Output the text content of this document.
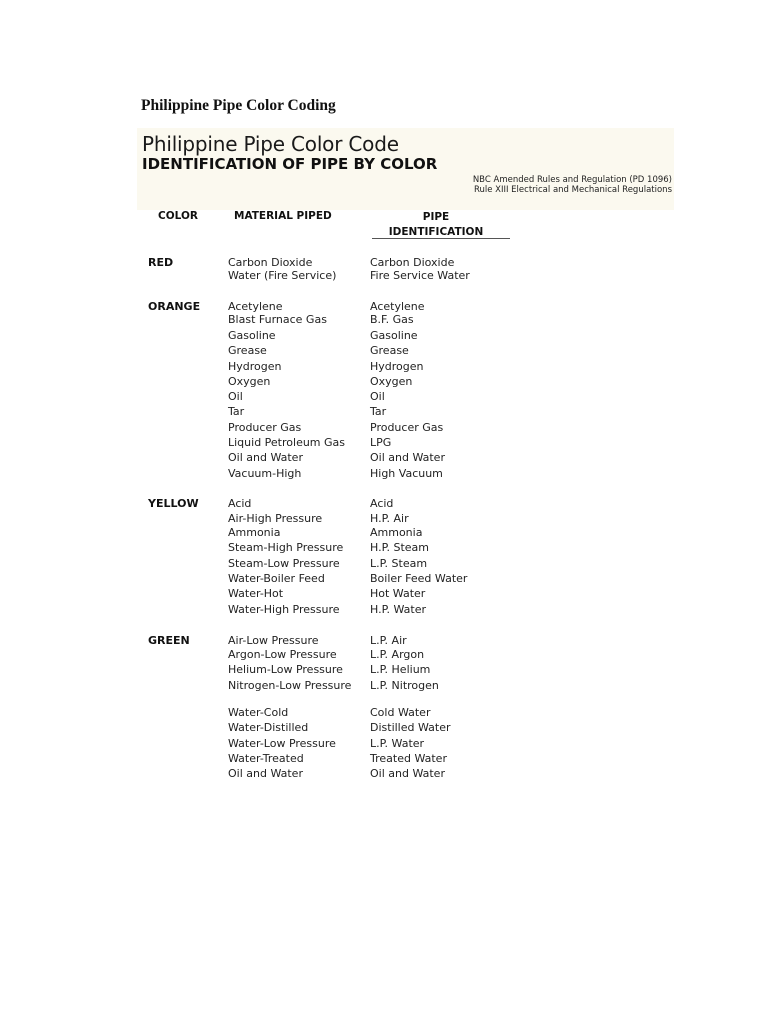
Philippine Pipe Color Coding
Philippine Pipe Color Code
IDENTIFICATION OF PIPE BY COLOR
NBC Amended Rules and Regulation (PD 1096)
Rule XIII Electrical and Mechanical Regulations
COLOR	MATERIAL PIPED	PIPE
IDENTIFICATION
RED	Carbon Dioxide	Carbon Dioxide
Water (Fire Service)	Fire Service Water
ORANGE	Acetylene	Acetylene
Blast Furnace Gas	B.F. Gas
Gasoline	Gasoline
Grease	Grease
Hydrogen	Hydrogen
Oxygen	Oxygen
Oil	Oil
Tar	Tar
Producer Gas	Producer Gas
Liquid Petroleum Gas	LPG
Oil and Water	Oil and Water
Vacuum-High	High Vacuum
YELLOW	Acid	Acid
Air-High Pressure	H.P. Air
Ammonia	Ammonia
Steam-High Pressure	H.P. Steam
Steam-Low Pressure	L.P. Steam
Water-Boiler Feed	Boiler Feed Water
Water-Hot	Hot Water
Water-High Pressure	H.P. Water
GREEN	Air-Low Pressure	L.P. Air
Argon-Low Pressure	L.P. Argon
Helium-Low Pressure	L.P. Helium
Nitrogen-Low Pressure	L.P. Nitrogen
Water-Cold	Cold Water
Water-Distilled	Distilled Water
Water-Low Pressure	L.P. Water
Water-Treated	Treated Water
Oil and Water	Oil and Water
